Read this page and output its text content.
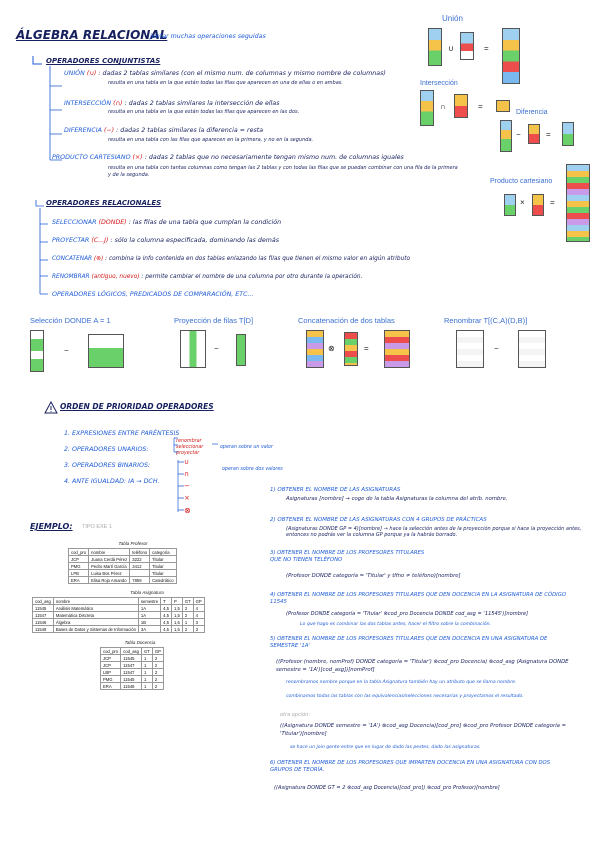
ÁLGEBRA RELACIONAL
juntar muchas operaciones seguidas
OPERADORES CONJUNTISTAS
UNIÓN (∪) : dadas 2 tablas similares (con el mismo num. de columnas y mismo nombre de columnas)
resulta en una tabla en la que están todas las filas que aparecen en una de ellas o en ambas.
INTERSECCIÓN (∩) : dadas 2 tablas similares la intersección de ellas
resulta en una tabla en la que están todas las filas que aparecen en las dos.
DIFERENCIA (−) : dadas 2 tablas similares la diferencia = resta
resulta en una tabla con las filas que aparecen en la primera, y no en la segunda.
PRODUCTO CARTESIANO (×) : dadas 2 tablas que no necesariamente tengan mismo num. de columnas iguales
resulta en una tabla con tantas columnas como tengan las 2 tablas y con todas las filas que se puedan combinar con una fila de la primera y de la segunda.
Unión
∪	=
Intersección
∩	=
Diferencia
−	=
Producto cartesiano
×	=
OPERADORES RELACIONALES
SELECCIONAR (DONDE) : las filas de una tabla que cumplan la condición
PROYECTAR (C...J) : sólo la columna especificada, dominando las demás
CONCATENAR (⊗) : combina la info contenida en dos tablas enlazando las filas que tienen el mismo valor en algún atributo
RENOMBRAR (antiguo, nuevo) : permite cambiar el nombre de una columna por otro durante la operación.
OPERADORES LÓGICOS, PREDICADOS DE COMPARACIÓN, ETC...
Selección DONDE A = 1
−
Proyección de filas T[D]
−
Concatenación de dos tablas
⊗	=
Renombrar T[(C,A)(D,B)]
−
ORDEN DE PRIORIDAD OPERADORES
1. EXPRESIONES ENTRE PARÉNTESIS
2. OPERADORES UNARIOS:
3. OPERADORES BINARIOS:
4. ANTE IGUALDAD: IA → DCH.
renombrar
seleccionar
proyectar
operan sobre un valor
∪
∩
−
×
⊗
operan sobre dos valores
EJEMPLO: TIPO EXE 1
Tabla Profesor
cod_pro	nombre	teléfono	categoría
JCP	Juana Cerdá Pérez	3222	Titular
PMG	Pedro Martí García	3412	Titular
LPB	Luisa Bos Pérez		Titular
ERA	Elisa Rojo Amando	7859	Catedrático
Tabla Asignatura
cod_asg	nombre	semestre	T	P	GT	GP
11545	Análisis Matemático	1A	4,5	1,5	2	4
11547	Matemática Discreta	1A	4,5	1,5	2	4
11546	Álgebra	1B	4,5	1,5	1	3
11548	Bases de Datos y Sistemas de Información	3A	4,5	1,5	2	3
Tabla Docencia
cod_pro	cod_asg	GT	GP
JCP	11545	1	2
JCP	11547	1	2
LBP	11547	1	2
PMG	11545	1	2
ERA	11548	1	2
1) OBTENER EL NOMBRE DE LAS ASIGNATURAS
Asignaturas [nombre] → coge de la tabla Asignaturas la columna del atrib. nombre.
2) OBTENER EL NOMBRE DE LAS ASIGNATURAS CON 4 GRUPOS DE PRÁCTICAS
(Asignaturas DONDE GP = 4)[nombre] → hace la selección antes de la proyección porque si hace la proyección antes, entonces no podrás ver la columna GP porque ya la habrás borrado.
3) OBTENER EL NOMBRE DE LOS PROFESORES TITULARES QUE NO TIENEN TELÉFONO
(Profesor DONDE categoría = 'Titular' y tlfno ≠ teléfono)[nombre]
4) OBTENER EL NOMBRE DE LOS PROFESORES TITULARES QUE DEN DOCENCIA EN LA ASIGNATURA DE CÓDIGO 11545
(Profesor DONDE categoría = 'Titular' ⊗cod_pro Docencia DONDE cod_asg = '11545')[nombre]
Lo que hago es combinar las dos tablas antes, hacer el filtro sobre la combinación.
5) OBTENER EL NOMBRE DE LOS PROFESORES TITULARES QUE DEN DOCENCIA EN UNA ASIGNATURA DE SEMESTRE '1A'
((Profesor (nombre, nomProf) DONDE categoría = 'Titular') ⊗cod_pro Docencia) ⊗cod_asg (Asignatura DONDE semestre = '1A')[cod_asg])[nomProf]
renombramos nombre porque en la tabla Asignatura también hay un atributo que se llama nombre.
combinamos todas las tablas con las equivalencias/selecciones necesarias y proyectamos el resultado.
otra opción:
((Asignatura DONDE semestre = '1A') ⊗cod_asg Docencia)[cod_pro] ⊗cod_pro Profesor DONDE categoría = 'Titular')[nombre]
se hace un join gente entre que en lugar de dado las pestes, dado las asignaturas.
6) OBTENER EL NOMBRE DE LOS PROFESORES QUE IMPARTEN DOCENCIA EN UNA ASIGNATURA CON DOS GRUPOS DE TEORÍA.
((Asignatura DONDE GT = 2 ⊗cod_asg Docencia)[cod_pro]) ⊗cod_pro Profesor)[nombre]
